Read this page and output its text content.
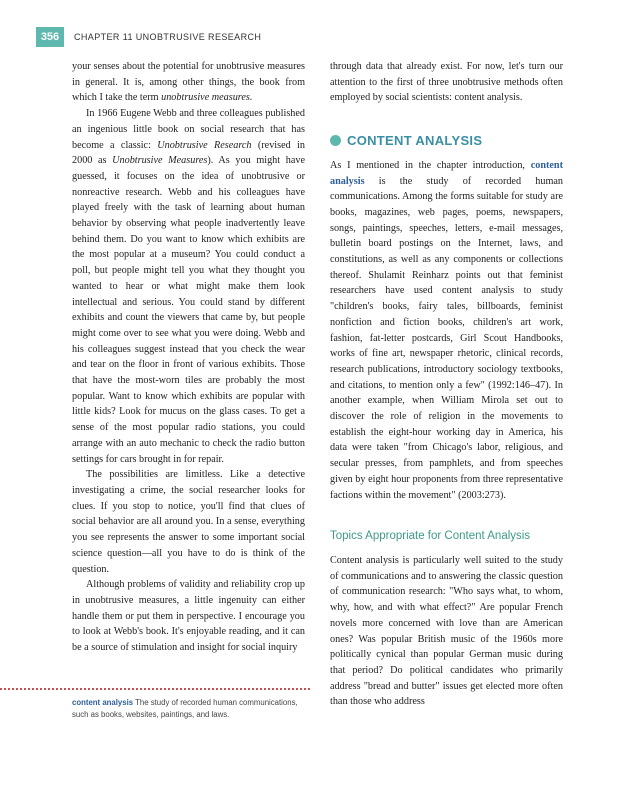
356	CHAPTER 11 UNOBTRUSIVE RESEARCH

your senses about the potential for unobtrusive measures in general. It is, among other things, the book from which I take the term unobtrusive measures.

In 1966 Eugene Webb and three colleagues published an ingenious little book on social research that has become a classic: Unobtrusive Research (revised in 2000 as Unobtrusive Measures). As you might have guessed, it focuses on the idea of unobtrusive or nonreactive research. Webb and his colleagues have played freely with the task of learning about human behavior by observing what people inadvertently leave behind them. Do you want to know which exhibits are the most popular at a museum? You could conduct a poll, but people might tell you what they thought you wanted to hear or what might make them look intellectual and serious. You could stand by different exhibits and count the viewers that came by, but people might come over to see what you were doing. Webb and his colleagues suggest instead that you check the wear and tear on the floor in front of various exhibits. Those that have the most-worn tiles are probably the most popular. Want to know which exhibits are popular with little kids? Look for mucus on the glass cases. To get a sense of the most popular radio stations, you could arrange with an auto mechanic to check the radio button settings for cars brought in for repair.

The possibilities are limitless. Like a detective investigating a crime, the social researcher looks for clues. If you stop to notice, you'll find that clues of social behavior are all around you. In a sense, everything you see represents the answer to some important social science question—all you have to do is think of the question.

Although problems of validity and reliability crop up in unobtrusive measures, a little ingenuity can either handle them or put them in perspective. I encourage you to look at Webb's book. It's enjoyable reading, and it can be a source of stimulation and insight for social inquiry

content analysis The study of recorded human communications, such as books, websites, paintings, and laws.

through data that already exist. For now, let's turn our attention to the first of three unobtrusive methods often employed by social scientists: content analysis.

CONTENT ANALYSIS

As I mentioned in the chapter introduction, content analysis is the study of recorded human communications. Among the forms suitable for study are books, magazines, web pages, poems, newspapers, songs, paintings, speeches, letters, e-mail messages, bulletin board postings on the Internet, laws, and constitutions, as well as any components or collections thereof. Shulamit Reinharz points out that feminist researchers have used content analysis to study "children's books, fairy tales, billboards, feminist nonfiction and fiction books, children's art work, fashion, fat-letter postcards, Girl Scout Handbooks, works of fine art, newspaper rhetoric, clinical records, research publications, introductory sociology textbooks, and citations, to mention only a few" (1992:146–47). In another example, when William Mirola set out to discover the role of religion in the movements to establish the eight-hour working day in America, his data were taken "from Chicago's labor, religious, and secular presses, from pamphlets, and from speeches given by eight hour proponents from three representative factions within the movement" (2003:273).

Topics Appropriate for Content Analysis

Content analysis is particularly well suited to the study of communications and to answering the classic question of communication research: "Who says what, to whom, why, how, and with what effect?" Are popular French novels more concerned with love than are American ones? Was popular British music of the 1960s more politically cynical than popular German music during that period? Do political candidates who primarily address "bread and butter" issues get elected more often than those who address
